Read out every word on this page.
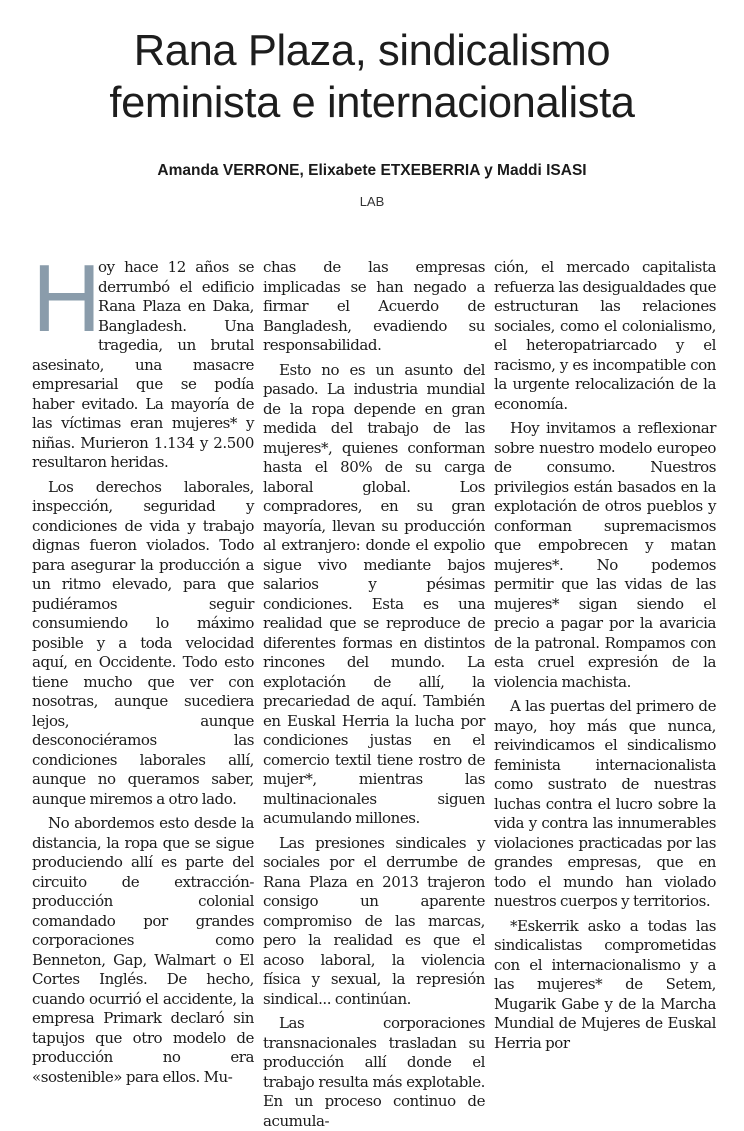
Rana Plaza, sindicalismo
feminista e internacionalista
Amanda VERRONE, Elixabete ETXEBERRIA y Maddi ISASI
LAB

H
oy hace 12 años se derrumbó el edificio Rana Plaza en Daka, Bangladesh. Una tragedia, un brutal asesinato, una masacre empresarial que se podía haber evitado. La mayoría de las víctimas eran mujeres* y niñas. Murieron 1.134 y 2.500 resultaron heridas.

Los derechos laborales, inspección, seguridad y condiciones de vida y trabajo dignas fueron violados. Todo para asegurar la producción a un ritmo elevado, para que pudiéramos seguir consumiendo lo máximo posible y a toda velocidad aquí, en Occidente. Todo esto tiene mucho que ver con nosotras, aunque sucediera lejos, aunque desconociéramos las condiciones laborales allí, aunque no queramos saber, aunque miremos a otro lado.

No abordemos esto desde la distancia, la ropa que se sigue produciendo allí es parte del circuito de extracción-producción colonial comandado por grandes corporaciones como Benneton, Gap, Walmart o El Cortes Inglés. De hecho, cuando ocurrió el accidente, la empresa Primark declaró sin tapujos que otro modelo de producción no era «sostenible» para ellos. Mu-

chas de las empresas implicadas se han negado a firmar el Acuerdo de Bangladesh, evadiendo su responsabilidad.

Esto no es un asunto del pasado. La industria mundial de la ropa depende en gran medida del trabajo de las mujeres*, quienes conforman hasta el 80% de su carga laboral global. Los compradores, en su gran mayoría, llevan su producción al extranjero: donde el expolio sigue vivo mediante bajos salarios y pésimas condiciones. Esta es una realidad que se reproduce de diferentes formas en distintos rincones del mundo. La explotación de allí, la precariedad de aquí. También en Euskal Herria la lucha por condiciones justas en el comercio textil tiene rostro de mujer*, mientras las multinacionales siguen acumulando millones.

Las presiones sindicales y sociales por el derrumbe de Rana Plaza en 2013 trajeron consigo un aparente compromiso de las marcas, pero la realidad es que el acoso laboral, la violencia física y sexual, la represión sindical... continúan.

Las corporaciones transnacionales trasladan su producción allí donde el trabajo resulta más explotable. En un proceso continuo de acumula-

ción, el mercado capitalista refuerza las desigualdades que estructuran las relaciones sociales, como el colonialismo, el heteropatriarcado y el racismo, y es incompatible con la urgente relocalización de la economía.

Hoy invitamos a reflexionar sobre nuestro modelo europeo de consumo. Nuestros privilegios están basados en la explotación de otros pueblos y conforman supremacismos que empobrecen y matan mujeres*. No podemos permitir que las vidas de las mujeres* sigan siendo el precio a pagar por la avaricia de la patronal. Rompamos con esta cruel expresión de la violencia machista.

A las puertas del primero de mayo, hoy más que nunca, reivindicamos el sindicalismo feminista internacionalista como sustrato de nuestras luchas contra el lucro sobre la vida y contra las innumerables violaciones practicadas por las grandes empresas, que en todo el mundo han violado nuestros cuerpos y territorios.

*Eskerrik asko a todas las sindicalistas comprometidas con el internacionalismo y a las mujeres* de Setem, Mugarik Gabe y de la Marcha Mundial de Mujeres de Euskal Herria por
